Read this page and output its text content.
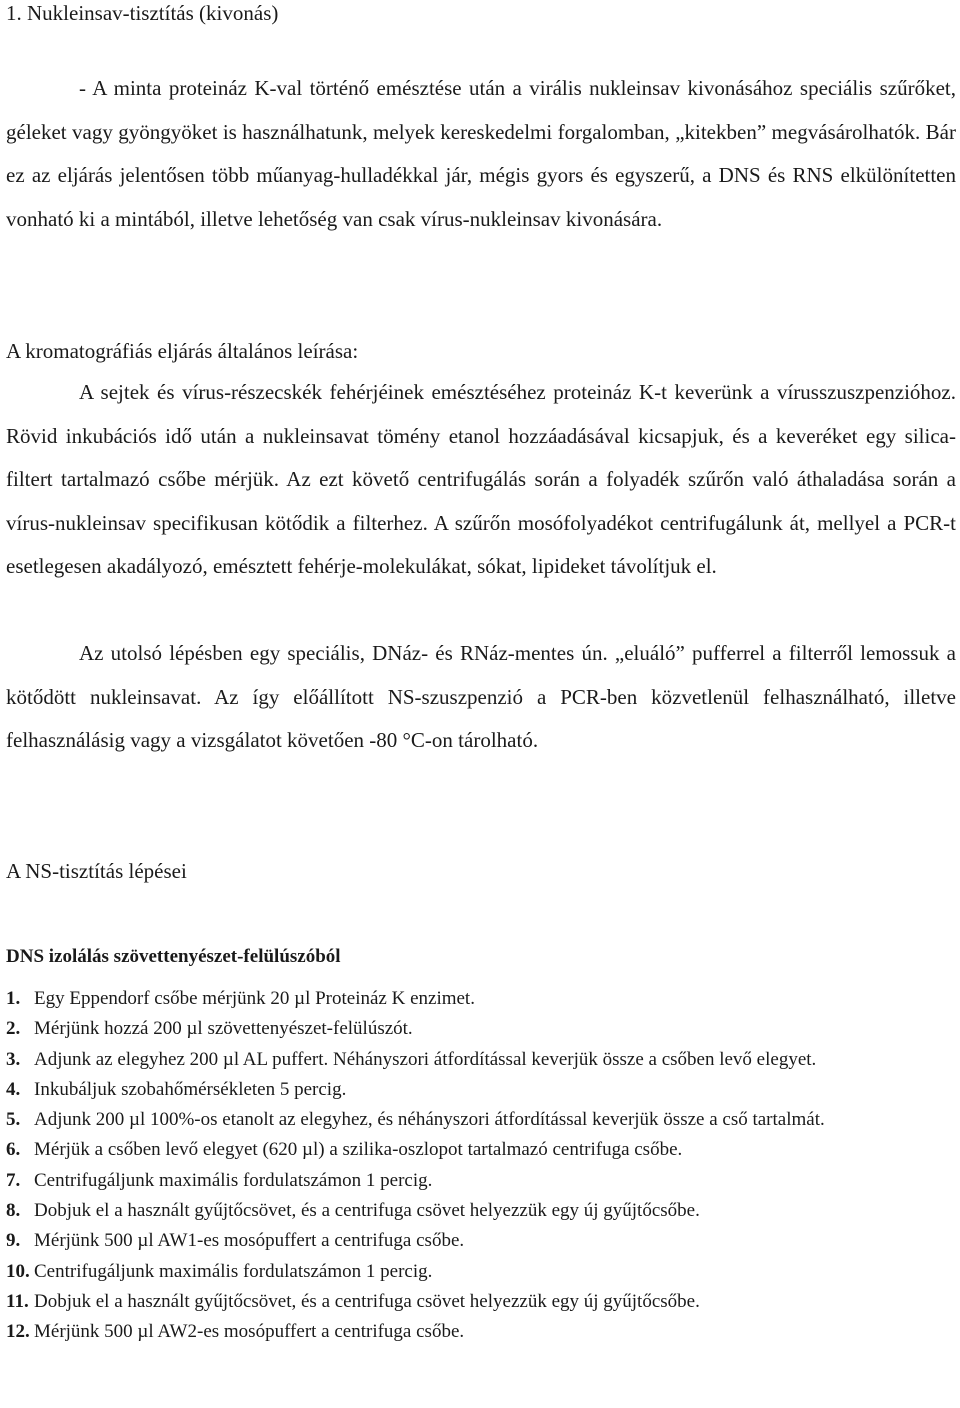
1. Nukleinsav-tisztítás (kivonás)

- A minta proteináz K-val történő emésztése után a virális nukleinsav kivonásához speciális szűrőket, géleket vagy gyöngyöket is használhatunk, melyek kereskedelmi forgalomban, „kitekben” megvásárolhatók. Bár ez az eljárás jelentősen több műanyag-hulladékkal jár, mégis gyors és egyszerű, a DNS és RNS elkülönítetten vonható ki a mintából, illetve lehetőség van csak vírus-nukleinsav kivonására.

A kromatográfiás eljárás általános leírása:

A sejtek és vírus-részecskék fehérjéinek emésztéséhez proteináz K-t keverünk a vírusszuszpenzióhoz. Rövid inkubációs idő után a nukleinsavat tömény etanol hozzáadásával kicsapjuk, és a keveréket egy silica-filtert tartalmazó csőbe mérjük. Az ezt követő centrifugálás során a folyadék szűrőn való áthaladása során a vírus-nukleinsav specifikusan kötődik a filterhez. A szűrőn mosófolyadékot centrifugálunk át, mellyel a PCR-t esetlegesen akadályozó, emésztett fehérje-molekulákat, sókat, lipideket távolítjuk el.

Az utolsó lépésben egy speciális, DNáz- és RNáz-mentes ún. „eluáló” pufferrel a filterről lemossuk a kötődött nukleinsavat. Az így előállított NS-szuszpenzió a PCR-ben közvetlenül felhasználható, illetve felhasználásig vagy a vizsgálatot követően -80 °C-on tárolható.

A NS-tisztítás lépései
DNS izolálás szövettenyészet-felülúszóból
1. Egy Eppendorf csőbe mérjünk 20 µl Proteináz K enzimet.
2. Mérjünk hozzá 200 µl szövettenyészet-felülúszót.
3. Adjunk az elegyhez 200 µl AL puffert. Néhányszori átfordítással keverjük össze a csőben levő elegyet.
4. Inkubáljuk szobahőmérsékleten 5 percig.
5. Adjunk 200 µl 100%-os etanolt az elegyhez, és néhányszori átfordítással keverjük össze a cső tartalmát.
6. Mérjük a csőben levő elegyet (620 µl) a szilika-oszlopot tartalmazó centrifuga csőbe.
7. Centrifugáljunk maximális fordulatszámon 1 percig.
8. Dobjuk el a használt gyűjtőcsövet, és a centrifuga csövet helyezzük egy új gyűjtőcsőbe.
9. Mérjünk 500 µl AW1-es mosópuffert a centrifuga csőbe.
10. Centrifugáljunk maximális fordulatszámon 1 percig.
11. Dobjuk el a használt gyűjtőcsövet, és a centrifuga csövet helyezzük egy új gyűjtőcsőbe.
12. Mérjünk 500 µl AW2-es mosópuffert a centrifuga csőbe.
